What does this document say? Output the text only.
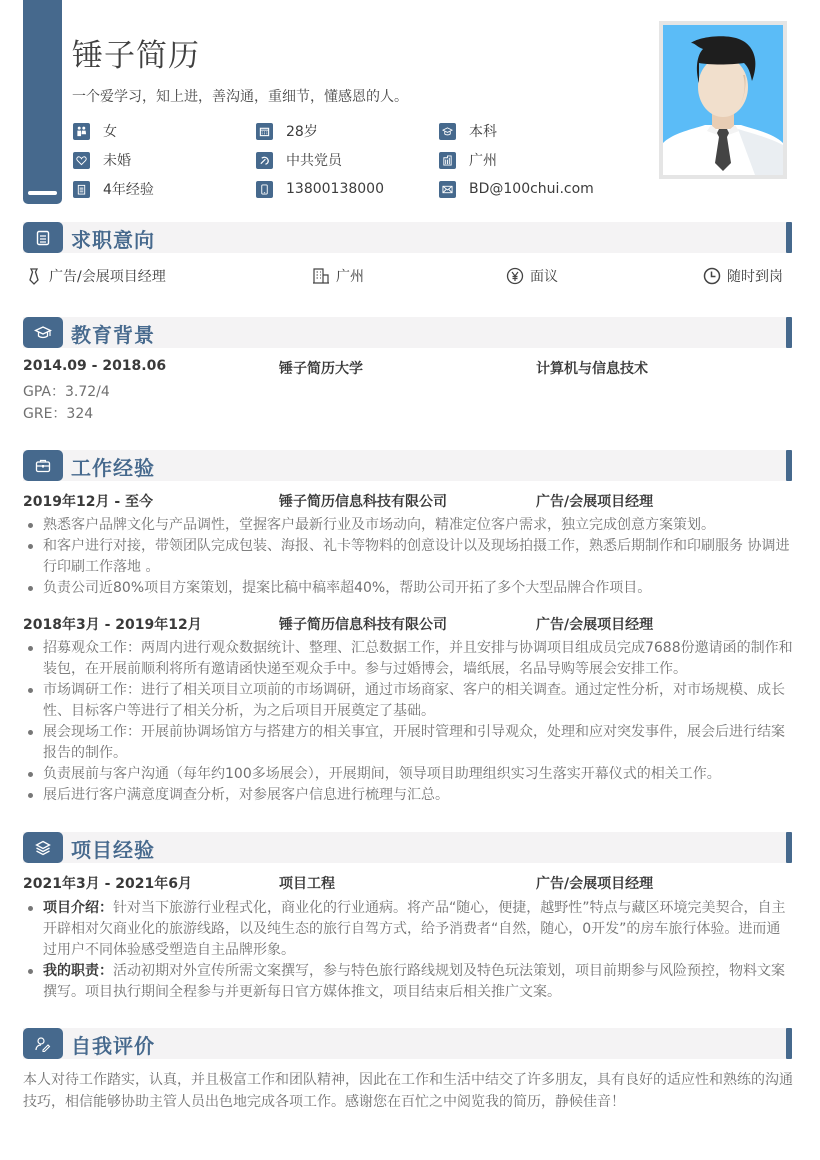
锤子简历
一个爱学习，知上进，善沟通，重细节，懂感恩的人。
女	28岁	本科
未婚	中共党员	广州
4年经验	13800138000	BD@100chui.com
求职意向
广告/会展项目经理	广州	面议	随时到岗
教育背景
2014.09 - 2018.06	锤子简历大学	计算机与信息技术
GPA：3.72/4
GRE：324
工作经验
2019年12月 - 至今	锤子简历信息科技有限公司	广告/会展项目经理
熟悉客户品牌文化与产品调性，堂握客户最新行业及市场动向，精准定位客户需求，独立完成创意方案策划。
和客户进行对接，带领团队完成包装、海报、礼卡等物料的创意设计以及现场拍摄工作，熟悉后期制作和印刷服务 协调进行印刷工作落地 。
负责公司近80%项目方案策划，提案比稿中稿率超40%，帮助公司开拓了多个大型品牌合作项目。
2018年3月 - 2019年12月	锤子简历信息科技有限公司	广告/会展项目经理
招募观众工作：两周内进行观众数据统计、整理、汇总数据工作，并且安排与协调项目组成员完成7688份邀请函的制作和装包，在开展前顺利将所有邀请函快递至观众手中。参与过婚博会，墙纸展，名品导购等展会安排工作。
市场调研工作：进行了相关项目立项前的市场调研，通过市场商家、客户的相关调查。通过定性分析，对市场规模、成长性、目标客户等进行了相关分析，为之后项目开展奠定了基础。
展会现场工作：开展前协调场馆方与搭建方的相关事宜，开展时管理和引导观众，处理和应对突发事件，展会后进行结案报告的制作。
负责展前与客户沟通（每年约100多场展会），开展期间，领导项目助理组织实习生落实开幕仪式的相关工作。
展后进行客户满意度调查分析，对参展客户信息进行梳理与汇总。
项目经验
2021年3月 - 2021年6月	项目工程	广告/会展项目经理
项目介绍：针对当下旅游行业程式化，商业化的行业通病。将产品“随心，便捷，越野性”特点与藏区环境完美契合，自主开辟相对欠商业化的旅游线路，以及纯生态的旅行自驾方式，给予消费者“自然，随心，0开发”的房车旅行体验。进而通过用户不同体验感受塑造自主品牌形象。
我的职责：活动初期对外宣传所需文案撰写，参与特色旅行路线规划及特色玩法策划，项目前期参与风险预控，物料文案撰写。项目执行期间全程参与并更新每日官方媒体推文，项目结束后相关推广文案。
自我评价
本人对待工作踏实，认真，并且极富工作和团队精神，因此在工作和生活中结交了许多朋友，具有良好的适应性和熟练的沟通技巧，相信能够协助主管人员出色地完成各项工作。感谢您在百忙之中阅览我的简历，静候佳音！
